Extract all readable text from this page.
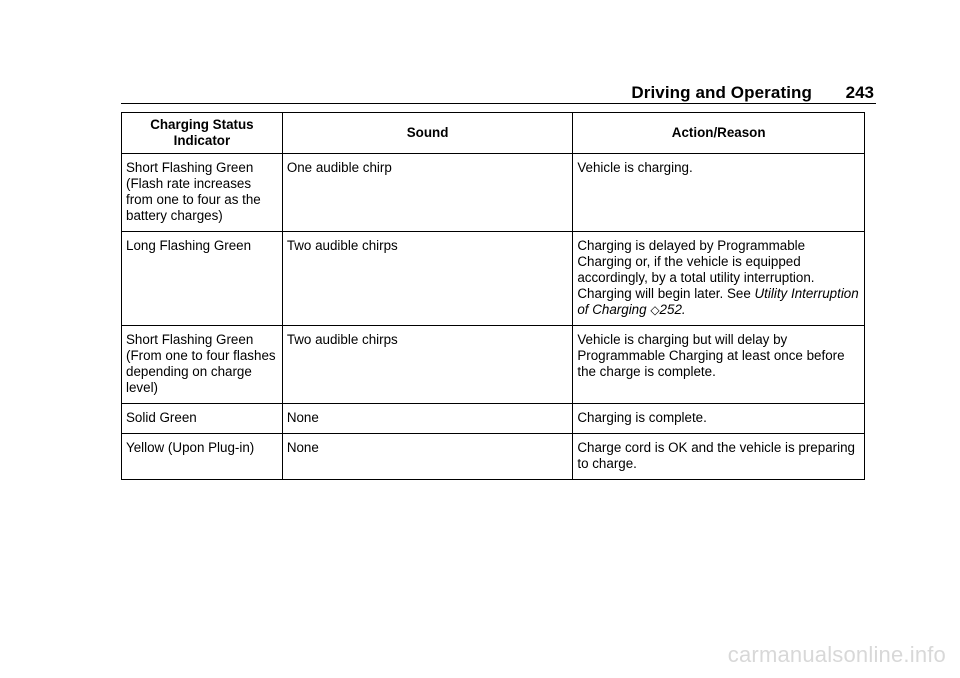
Driving and Operating 243
Charging Status
Indicator	Sound	Action/Reason
Short Flashing Green (Flash rate increases from one to four as the battery charges)	One audible chirp	Vehicle is charging.
Long Flashing Green	Two audible chirps	Charging is delayed by Programmable Charging or, if the vehicle is equipped accordingly, by a total utility interruption. Charging will begin later. See Utility Interruption of Charging ◇252.
Short Flashing Green (From one to four flashes depending on charge level)	Two audible chirps	Vehicle is charging but will delay by Programmable Charging at least once before the charge is complete.
Solid Green	None	Charging is complete.
Yellow (Upon Plug-in)	None	Charge cord is OK and the vehicle is preparing to charge.
carmanualsonline.info
